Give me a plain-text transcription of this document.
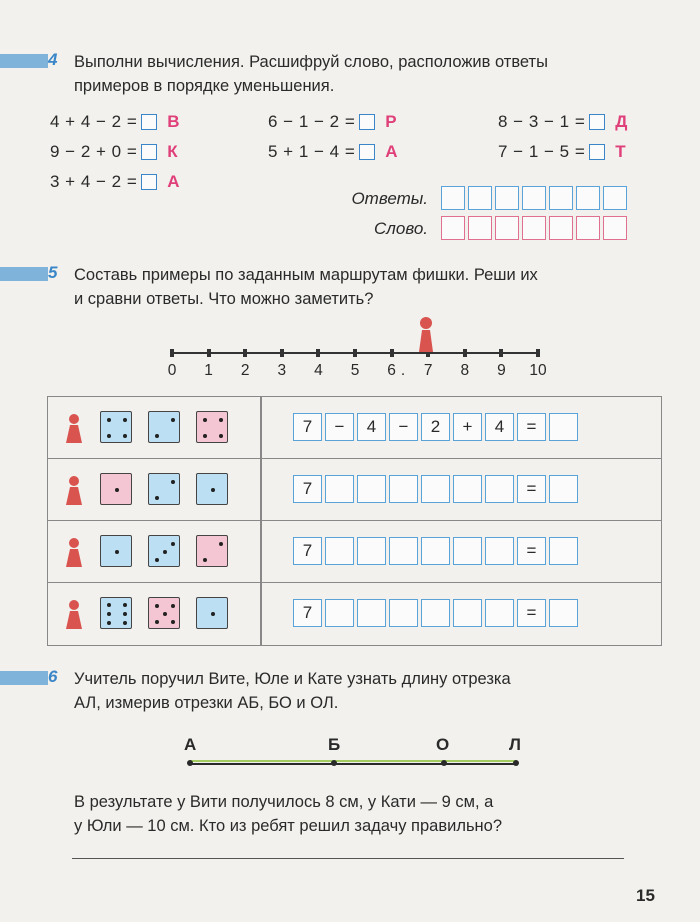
4 Выполни вычисления. Расшифруй слово, расположив ответы
примеров в порядке уменьшения.
4 + 4 − 2 = В	6 − 1 − 2 = Р	8 − 3 − 1 = Д
9 − 2 + 0 = К	5 + 1 − 4 = А	7 − 1 − 5 = Т
3 + 4 − 2 = А
Ответы.
Слово.
5 Составь примеры по заданным маршрутам фишки. Реши их
и сравни ответы. Что можно заметить?
0	1	2	3	4	5	6	7	8	9	10
.
7	−	4	−	2	+	4	=
7	=
7	=
7	=
6 Учитель поручил Вите, Юле и Кате узнать длину отрезка
АЛ, измерив отрезки АБ, БО и ОЛ.
А	Б	О	Л
В результате у Вити получилось 8 см, у Кати — 9 см, а
у Юли — 10 см. Кто из ребят решил задачу правильно?
15
